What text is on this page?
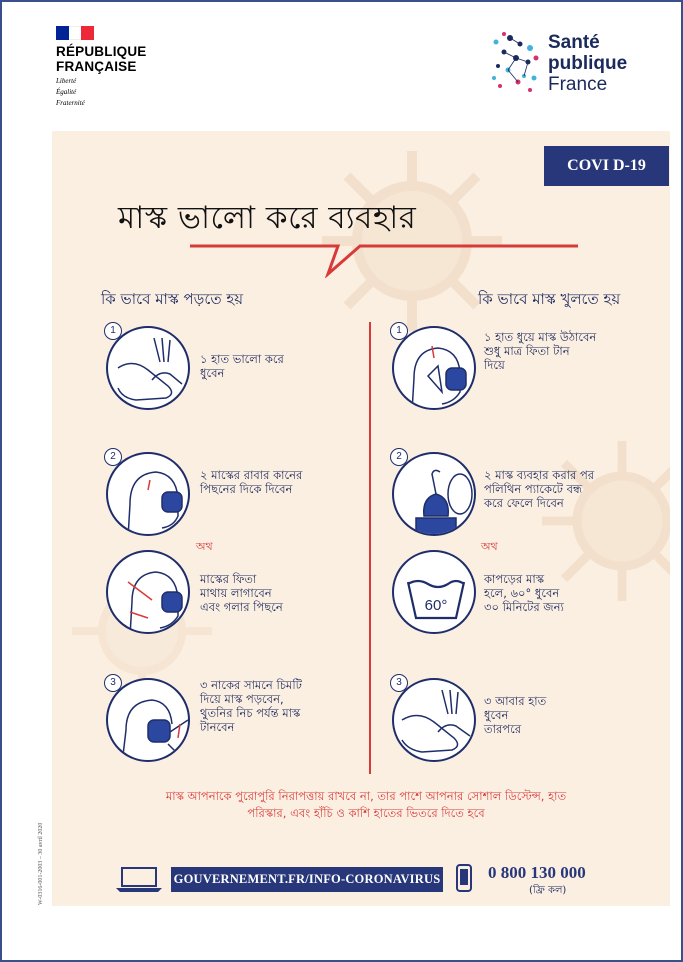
RÉPUBLIQUE
FRANÇAISE
Liberté
Égalité
Fraternité
Santé
publique
France
COVI D-19
মাস্ক ভালো করে ব্যবহার
কি ভাবে মাস্ক পড়তে হয়	কি ভাবে মাস্ক খুলতে হয়
1
১ হাত ভালো করে
ধুবেন
2
২ মাস্কের রাবার কানের
পিছনের দিকে দিবেন
অথ
মাস্কের ফিতা
মাথায় লাগাবেন
এবং গলার পিছনে
3	৩ নাকের সামনে চিমটি
দিয়ে মাস্ক পড়বেন,
থুতনির নিচ পর্যন্ত মাস্ক
টানবেন
1	১ হাত ধুয়ে মাস্ক উঠাবেন
শুধু মাত্র ফিতা টান
দিয়ে
2
২ মাস্ক ব্যবহার করার পর
পলিথিন প্যাকেটে বন্ধ
করে ফেলে দিবেন
অথ
60°
কাপড়ের মাস্ক
হলে, ৬০° ধুবেন
৩০ মিনিটের জন্য
3
৩ আবার হাত
ধুবেন
তারপরে
মাস্ক আপনাকে পুরোপুরি নিরাপত্তায় রাখবে না, তার পাশে আপনার সোশাল ডিস্টেন্স, হাত
পরিস্কার, এবং হাঁচি ও কাশি হাতের ভিতরে দিতে হবে
GOUVERNEMENT.FR/INFO-CORONAVIRUS	0 800 130 000
(ফ্রি কল)
W-0316-001-2003 – 30 avril 2020
